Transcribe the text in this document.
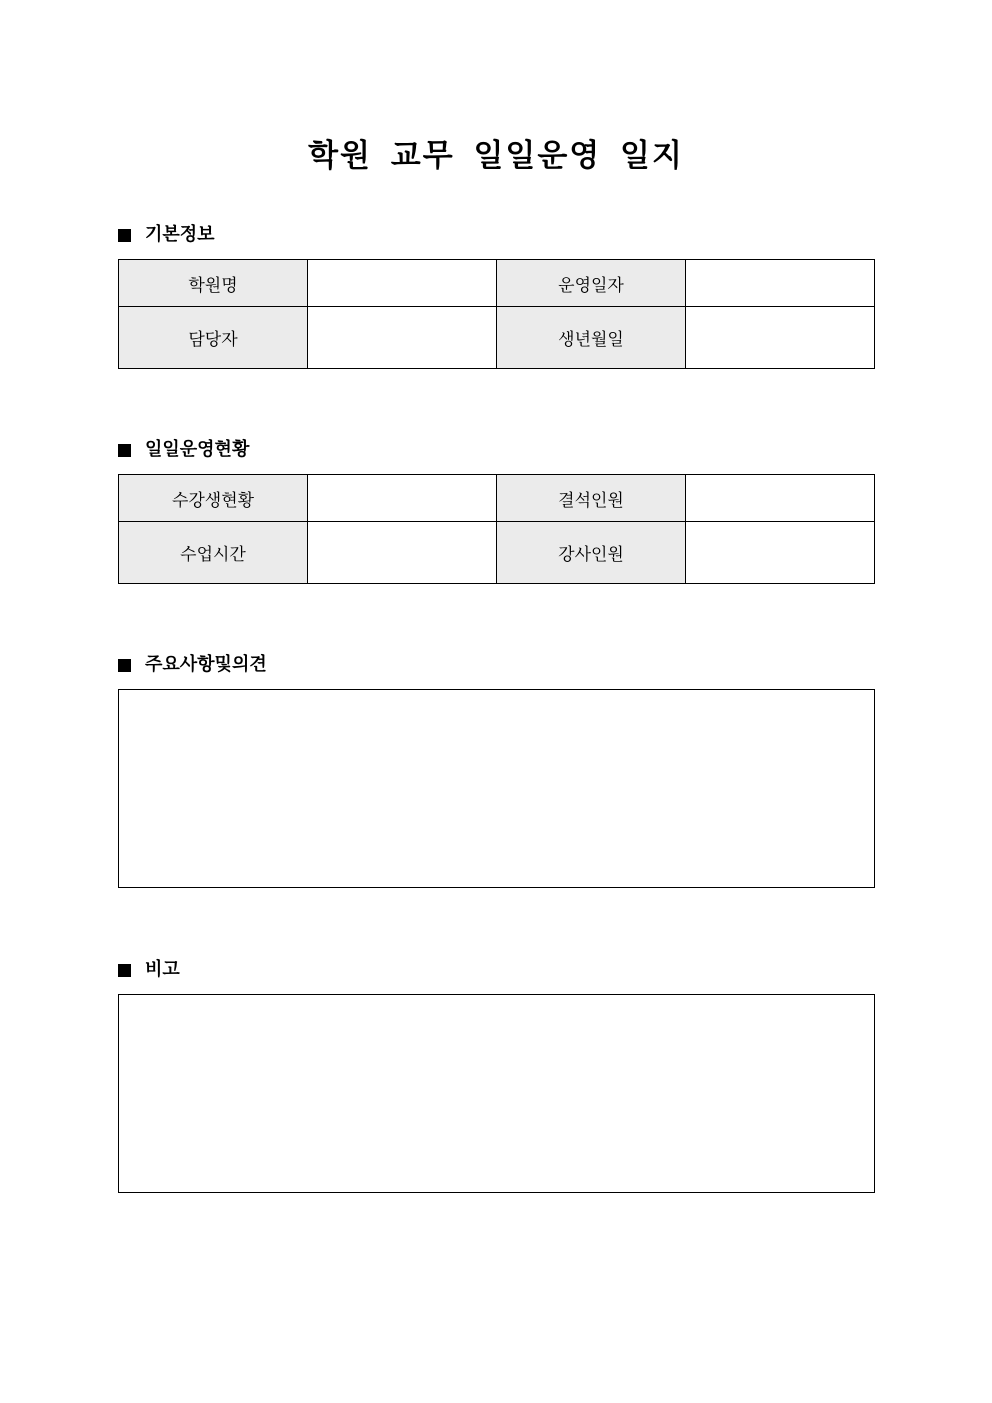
학원 교무 일일운영 일지
기본정보
학원명		운영일자	
담당자		생년월일	
일일운영현황
수강생현황		결석인원	
수업시간		강사인원	
주요사항및의견
비고
